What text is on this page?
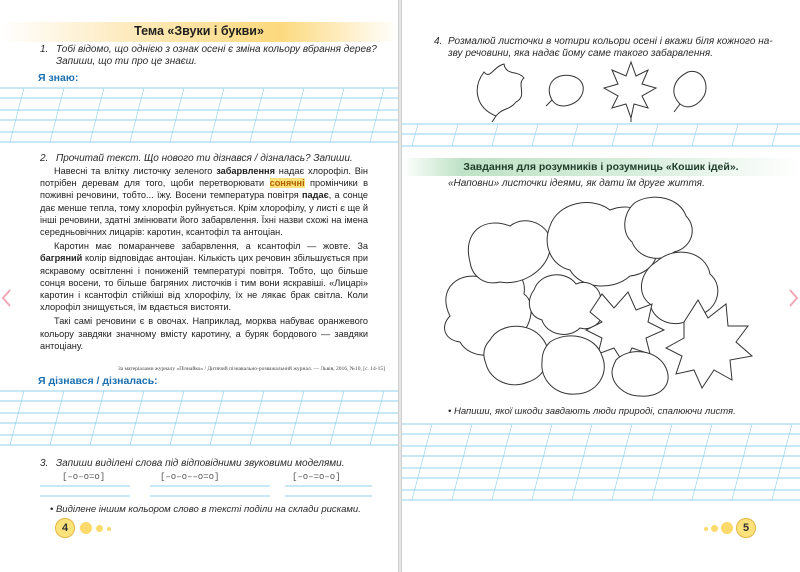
Тема «Звуки і букви»
1. Тобі відомо, що однією з ознак осені є зміна кольору вбрання дерев?
Запиши, що ти про це знаєш.
Я знаю:
2. Прочитай текст. Що нового ти дізнався / дізналась? Запиши.

Навесні та влітку листочку зеленого забарвлення надає хлорофіл. Він потрібен деревам для того, щоби перетворювати сонячні промінчики в поживні речовини, тобто... їжу. Восени температура повітря падає, а сонце дає менше тепла, тому хлорофіл руйнується. Крім хлорофілу, у листі є ще й інші речовини, здатні змінювати його забарвлення. Їхні назви схожі на імена середньовічних лицарів: каротин, ксантофіл та антоціан.

Каротин має помаранчеве забарвлення, а ксантофіл — жовте. За багряний колір відповідає антоціан. Кількість цих речовин збільшується при яскравому освітленні і пониженій температурі повітря. Тобто, що більше сонця восени, то більше багряних листочків і тим вони яскравіші. «Лицарі» каротин і ксантофіл стійкіші від хлорофілу, їх не лякає брак світла. Коли хлорофіл знищується, їм вдається вистояти.

Такі самі речовини є в овочах. Наприклад, морква набуває оранжевого кольору завдяки значному вмісту каротину, а буряк бордового — завдяки антоціану.

За матеріалами журналу «Пізнайко» / Дитячий пізнавально-розважальний журнал. — Львів, 2016, №10, [с. 14-15]
Я дізнався / дізналась:
3. Запиши виділені слова під відповідними звуковими моделями.
[–o–o=o]	[–o–o––o=o]	[–o–=o–o]
• Виділене іншим кольором слово в тексті поділи на склади рисками.
4
4. Розмалюй листочки в чотири кольори осені і вкажи біля кожного на-
зву речовини, яка надає йому саме такого забарвлення.
Завдання для розумників і розумниць «Кошик ідей».
«Наповни» листочки ідеями, як дати їм друге життя.
• Напиши, якої шкоди завдають люди природі, спалюючи листя.
5
